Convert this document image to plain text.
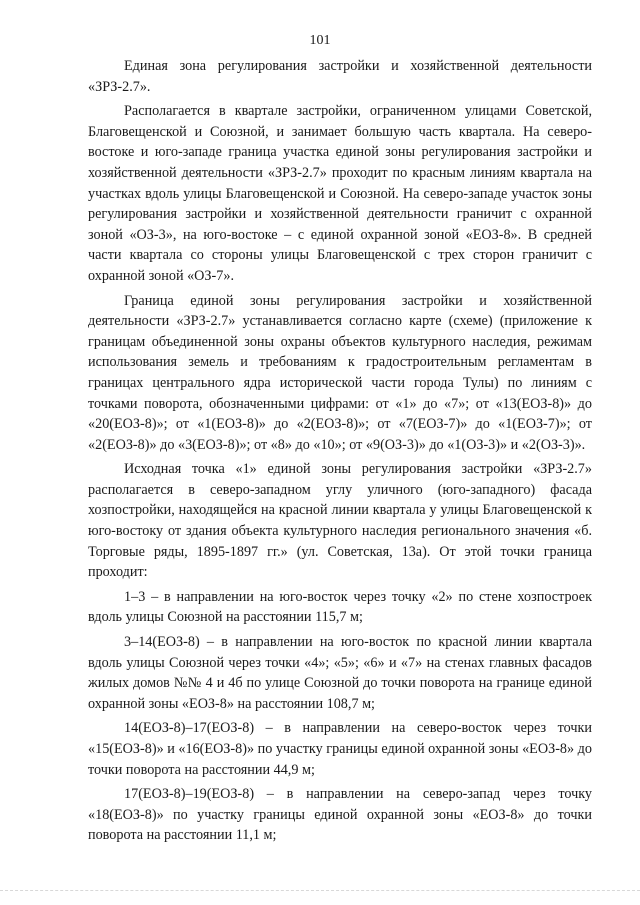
101

Единая зона регулирования застройки и хозяйственной деятельности «ЗРЗ-2.7».

Располагается в квартале застройки, ограниченном улицами Советской, Благовещенской и Союзной, и занимает большую часть квартала. На северо-востоке и юго-западе граница участка единой зоны регулирования застройки и хозяйственной деятельности «ЗРЗ-2.7» проходит по красным линиям квартала на участках вдоль улицы Благовещенской и Союзной. На северо-западе участок зоны регулирования застройки и хозяйственной деятельности граничит с охранной зоной «ОЗ-3», на юго-востоке – с единой охранной зоной «ЕОЗ-8». В средней части квартала со стороны улицы Благовещенской с трех сторон граничит с охранной зоной «ОЗ-7».

Граница единой зоны регулирования застройки и хозяйственной деятельности «ЗРЗ-2.7» устанавливается согласно карте (схеме) (приложение к границам объединенной зоны охраны объектов культурного наследия, режимам использования земель и требованиям к градостроительным регламентам в границах центрального ядра исторической части города Тулы) по линиям с точками поворота, обозначенными цифрами: от «1» до «7»; от «13(ЕОЗ-8)» до «20(ЕОЗ-8)»; от «1(ЕОЗ-8)» до «2(ЕОЗ-8)»; от «7(ЕОЗ-7)» до «1(ЕОЗ-7)»; от «2(ЕОЗ-8)» до «3(ЕОЗ-8)»; от «8» до «10»; от «9(ОЗ-3)» до «1(ОЗ-3)» и «2(ОЗ-3)».

Исходная точка «1» единой зоны регулирования застройки «ЗРЗ-2.7» располагается в северо-западном углу уличного (юго-западного) фасада хозпостройки, находящейся на красной линии квартала у улицы Благовещенской к юго-востоку от здания объекта культурного наследия регионального значения «б. Торговые ряды, 1895-1897 гг.» (ул. Советская, 13а). От этой точки граница проходит:

1–3 – в направлении на юго-восток через точку «2» по стене хозпостроек вдоль улицы Союзной на расстоянии 115,7 м;

3–14(ЕОЗ-8) – в направлении на юго-восток по красной линии квартала вдоль улицы Союзной через точки «4»; «5»; «6» и «7» на стенах главных фасадов жилых домов №№ 4 и 4б по улице Союзной до точки поворота на границе единой охранной зоны «ЕОЗ-8» на расстоянии 108,7 м;

14(ЕОЗ-8)–17(ЕОЗ-8) – в направлении на северо-восток через точки «15(ЕОЗ-8)» и «16(ЕОЗ-8)» по участку границы единой охранной зоны «ЕОЗ-8» до точки поворота на расстоянии 44,9 м;

17(ЕОЗ-8)–19(ЕОЗ-8) – в направлении на северо-запад через точку «18(ЕОЗ-8)» по участку границы единой охранной зоны «ЕОЗ-8» до точки поворота на расстоянии 11,1 м;
